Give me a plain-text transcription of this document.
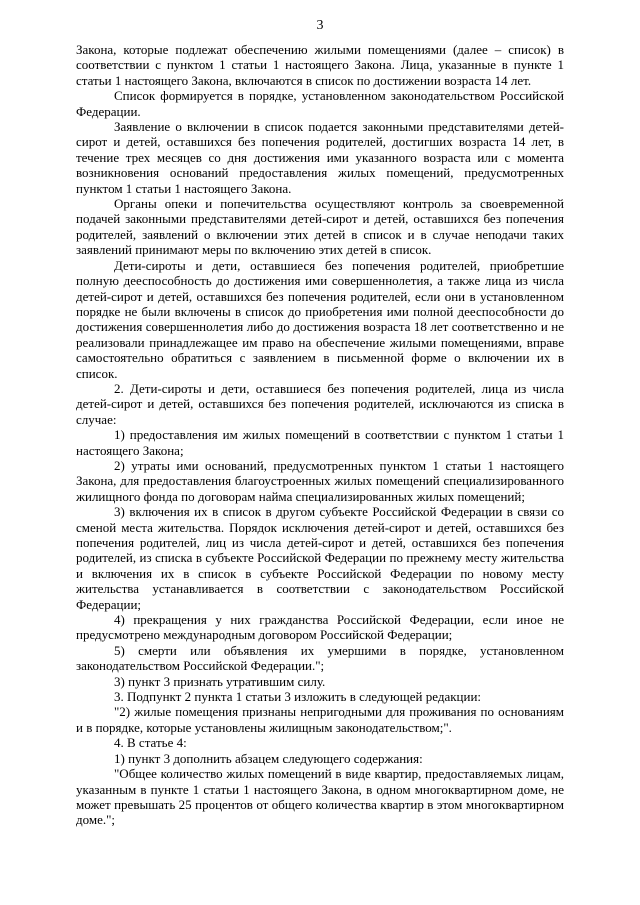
3

Закона, которые подлежат обеспечению жилыми помещениями (далее – список) в соответствии с пунктом 1 статьи 1 настоящего Закона. Лица, указанные в пункте 1 статьи 1 настоящего Закона, включаются в список по достижении возраста 14 лет.

Список формируется в порядке, установленном законодательством Российской Федерации.

Заявление о включении в список подается законными представителями детей-сирот и детей, оставшихся без попечения родителей, достигших возраста 14 лет, в течение трех месяцев со дня достижения ими указанного возраста или с момента возникновения оснований предоставления жилых помещений, предусмотренных пунктом 1 статьи 1 настоящего Закона.

Органы опеки и попечительства осуществляют контроль за своевременной подачей законными представителями детей-сирот и детей, оставшихся без попечения родителей, заявлений о включении этих детей в список и в случае неподачи таких заявлений принимают меры по включению этих детей в список.

Дети-сироты и дети, оставшиеся без попечения родителей, приобретшие полную дееспособность до достижения ими совершеннолетия, а также лица из числа детей-сирот и детей, оставшихся без попечения родителей, если они в установленном порядке не были включены в список до приобретения ими полной дееспособности до достижения совершеннолетия либо до достижения возраста 18 лет соответственно и не реализовали принадлежащее им право на обеспечение жилыми помещениями, вправе самостоятельно обратиться с заявлением в письменной форме о включении их в список.

2. Дети-сироты и дети, оставшиеся без попечения родителей, лица из числа детей-сирот и детей, оставшихся без попечения родителей, исключаются из списка в случае:

1) предоставления им жилых помещений в соответствии с пунктом 1 статьи 1 настоящего Закона;

2) утраты ими оснований, предусмотренных пунктом 1 статьи 1 настоящего Закона, для предоставления благоустроенных жилых помещений специализированного жилищного фонда по договорам найма специализированных жилых помещений;

3) включения их в список в другом субъекте Российской Федерации в связи со сменой места жительства. Порядок исключения детей-сирот и детей, оставшихся без попечения родителей, лиц из числа детей-сирот и детей, оставшихся без попечения родителей, из списка в субъекте Российской Федерации по прежнему месту жительства и включения их в список в субъекте Российской Федерации по новому месту жительства устанавливается в соответствии с законодательством Российской Федерации;

4) прекращения у них гражданства Российской Федерации, если иное не предусмотрено международным договором Российской Федерации;

5) смерти или объявления их умершими в порядке, установленном законодательством Российской Федерации.";

3) пункт 3 признать утратившим силу.

3. Подпункт 2 пункта 1 статьи 3 изложить в следующей редакции:

"2) жилые помещения признаны непригодными для проживания по основаниям и в порядке, которые установлены жилищным законодательством;".

4. В статье 4:

1) пункт 3 дополнить абзацем следующего содержания:

"Общее количество жилых помещений в виде квартир, предоставляемых лицам, указанным в пункте 1 статьи 1 настоящего Закона, в одном многоквартирном доме, не может превышать 25 процентов от общего количества квартир в этом многоквартирном доме.";
